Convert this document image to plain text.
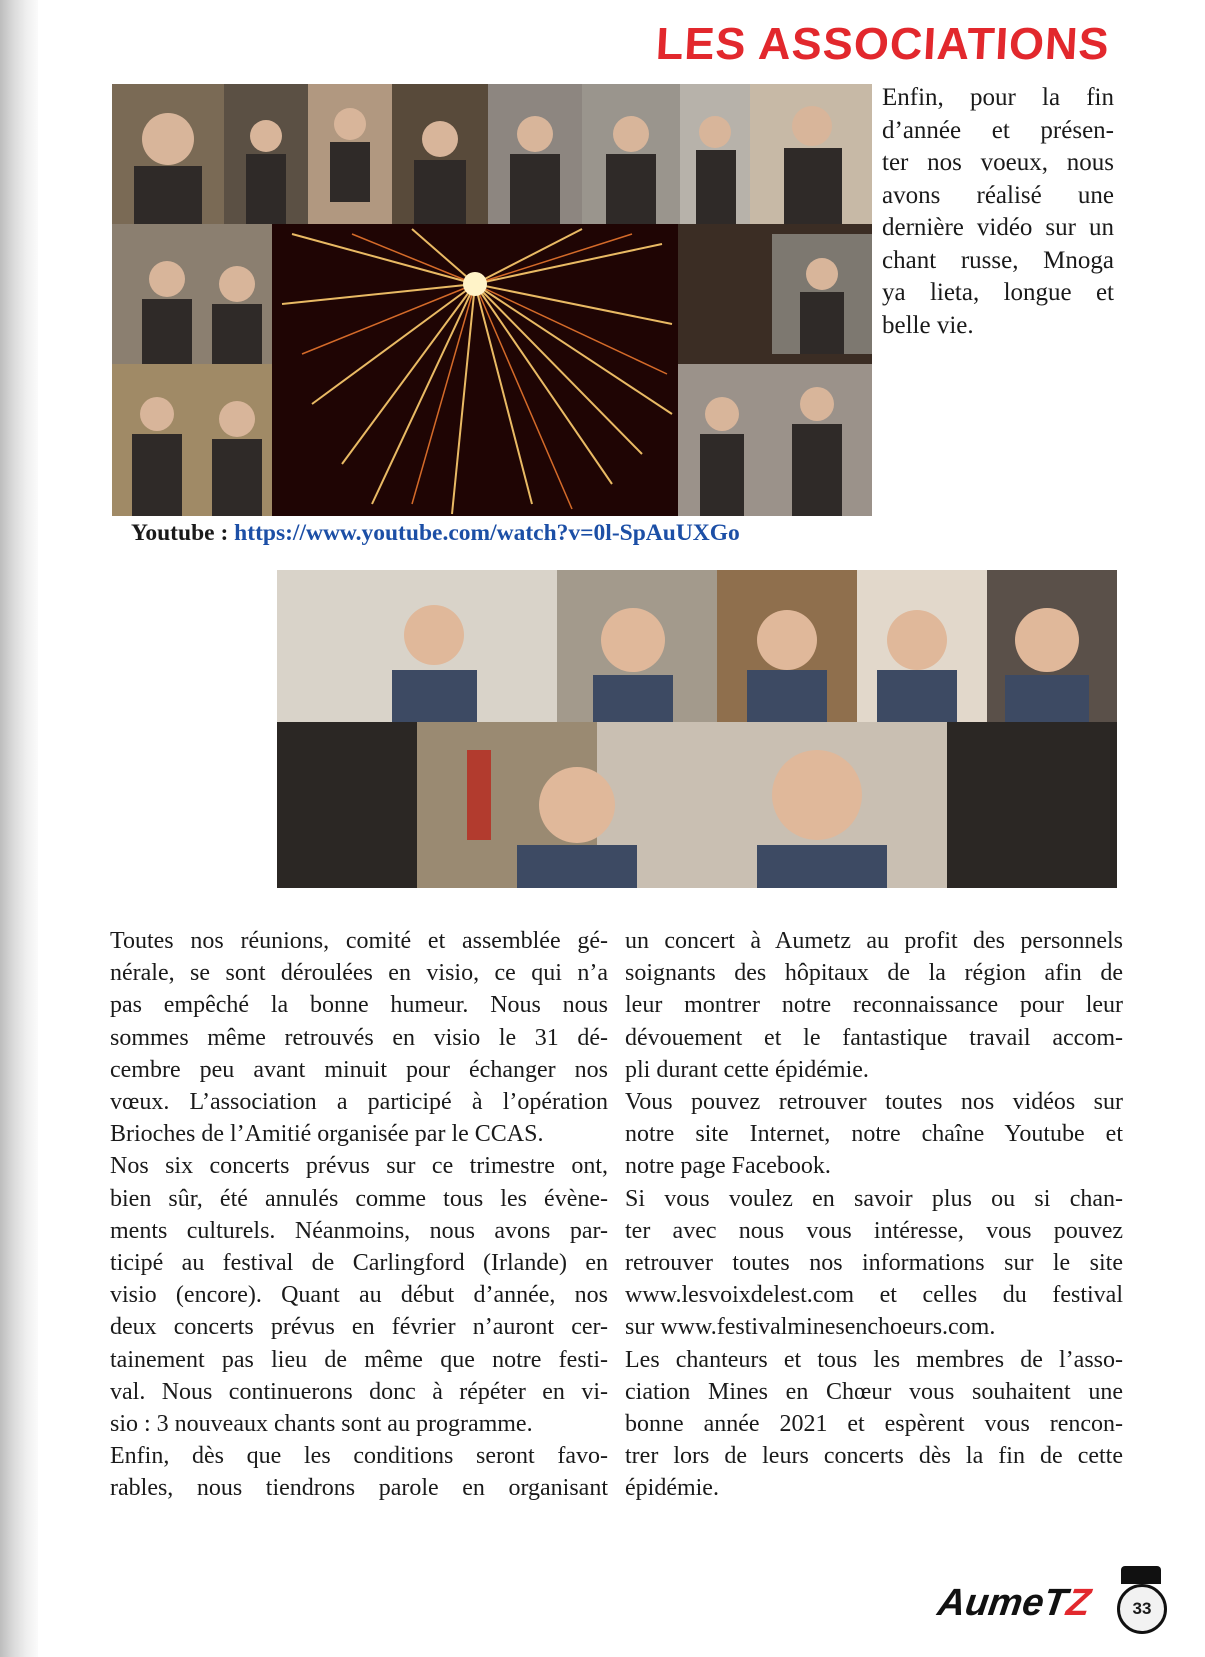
LES ASSOCIATIONS
Enfin, pour la fin
d’année et présen-
ter nos voeux, nous
avons réalisé une
dernière vidéo sur un
chant russe, Mnoga
ya lieta, longue et
belle vie.
Youtube : https://www.youtube.com/watch?v=0l-SpAuUXGo
Toutes nos réunions, comité et assemblée gé-
nérale, se sont déroulées en visio, ce qui n’a
pas empêché la bonne humeur. Nous nous
sommes même retrouvés en visio le 31 dé-
cembre peu avant minuit pour échanger nos
vœux. L’association a participé à l’opération
Brioches de l’Amitié organisée par le CCAS.
Nos six concerts prévus sur ce trimestre ont,
bien sûr, été annulés comme tous les évène-
ments culturels. Néanmoins, nous avons par-
ticipé au festival de Carlingford (Irlande) en
visio (encore). Quant au début d’année, nos
deux concerts prévus en février n’auront cer-
tainement pas lieu de même que notre festi-
val. Nous continuerons donc à répéter en vi-
sio : 3 nouveaux chants sont au programme.
Enfin, dès que les conditions seront favo-
rables, nous tiendrons parole en organisant
un concert à Aumetz au profit des personnels
soignants des hôpitaux de la région afin de
leur montrer notre reconnaissance pour leur
dévouement et le fantastique travail accom-
pli durant cette épidémie.
Vous pouvez retrouver toutes nos vidéos sur
notre site Internet, notre chaîne Youtube et
notre page Facebook.
Si vous voulez en savoir plus ou si chan-
ter avec nous vous intéresse, vous pouvez
retrouver toutes nos informations sur le site
www.lesvoixdelest.com et celles du festival
sur www.festivalminesenchoeurs.com.
Les chanteurs et tous les membres de l’asso-
ciation Mines en Chœur vous souhaitent une
bonne année 2021 et espèrent vous rencon-
trer lors de leurs concerts dès la fin de cette
épidémie.
AumeTZ	33
